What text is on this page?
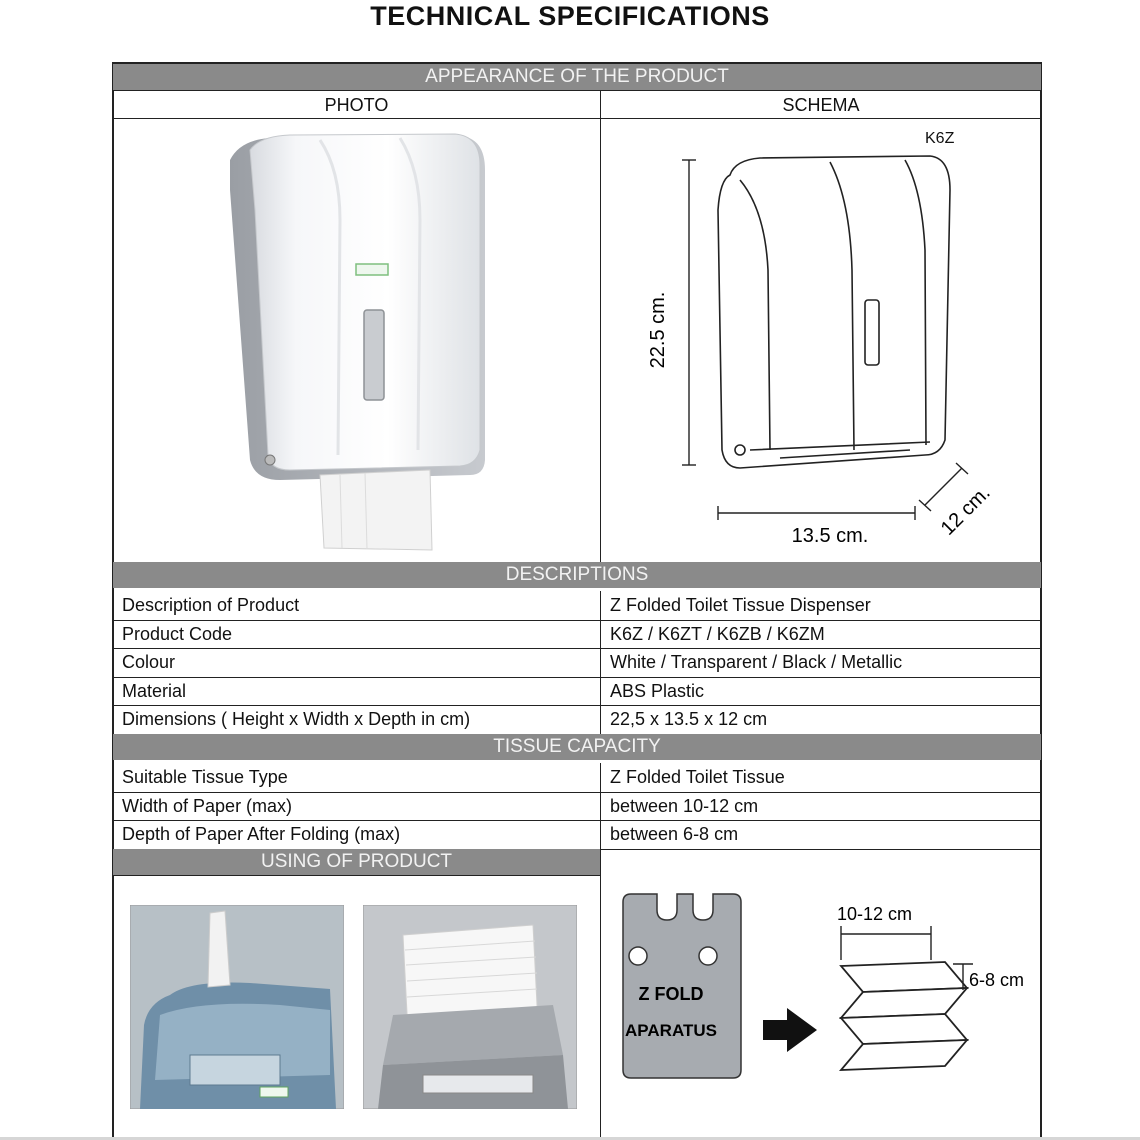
TECHNICAL SPECIFICATIONS
APPEARANCE OF THE PRODUCT
PHOTO	SCHEMA
K6Z
22.5 cm.
13.5 cm.	12 cm.
DESCRIPTIONS
Description of Product	Z Folded Toilet Tissue Dispenser
Product Code	K6Z / K6ZT / K6ZB / K6ZM
Colour	White / Transparent / Black / Metallic
Material	ABS Plastic
Dimensions ( Height x Width x Depth in cm)	22,5 x 13.5 x 12 cm
TISSUE CAPACITY
Suitable Tissue Type	Z Folded Toilet Tissue
Width of Paper (max)	between 10-12 cm
Depth of Paper After Folding (max)	between 6-8 cm
USING OF PRODUCT
Z FOLD
APARATUS
10-12 cm
6-8 cm
